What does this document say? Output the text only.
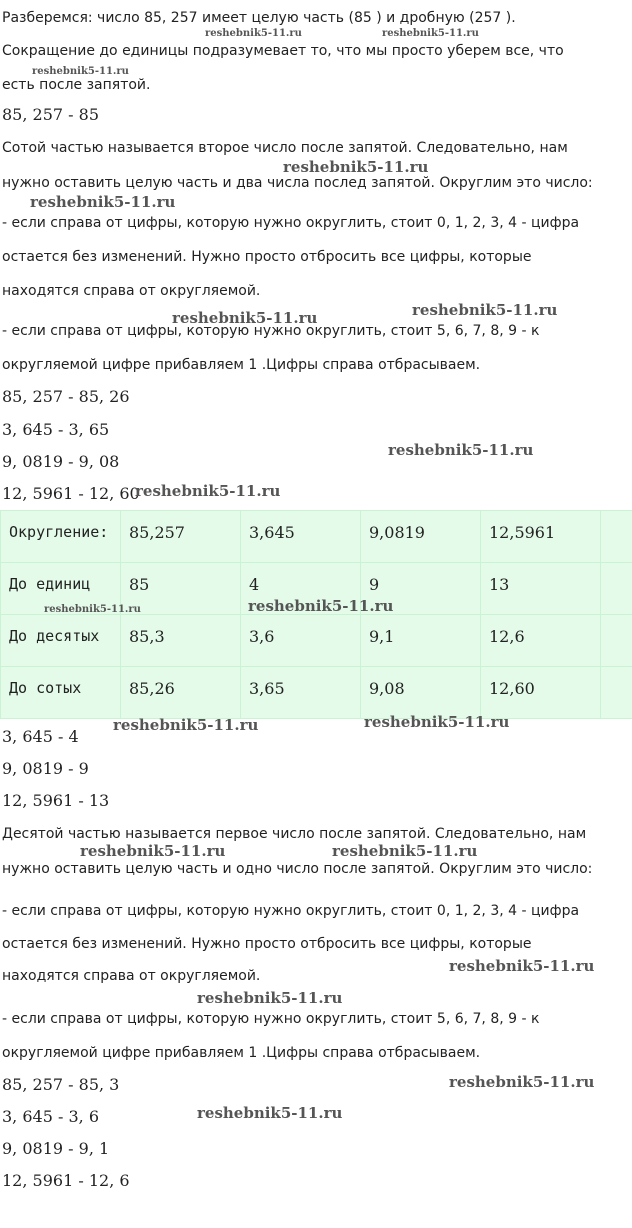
Разберемся: число 85, 257 имеет целую часть (85 ) и дробную (257 ).
Сокращение до единицы подразумевает то, что мы просто уберем все, что
есть после запятой.
85, 257 - 85
Сотой частью называется второе число после запятой. Следовательно, нам
нужно оставить целую часть и два числа послед запятой. Округлим это число:
- если справа от цифры, которую нужно округлить, стоит 0, 1, 2, 3, 4 - цифра
остается без изменений. Нужно просто отбросить все цифры, которые
находятся справа от округляемой.
- если справа от цифры, которую нужно округлить, стоит 5, 6, 7, 8, 9 - к
округляемой цифре прибавляем 1 .Цифры справа отбрасываем.
85, 257 - 85, 26
3, 645 - 3, 65
9, 0819 - 9, 08
12, 5961 - 12, 60
Округление:	85,257	3,645	9,0819	12,5961	
До единиц	85	4	9	13	
До десятых	85,3	3,6	9,1	12,6	
До сотых	85,26	3,65	9,08	12,60	
3, 645 - 4
9, 0819 - 9
12, 5961 - 13
Десятой частью называется первое число после запятой. Следовательно, нам
нужно оставить целую часть и одно число после запятой. Округлим это число:
- если справа от цифры, которую нужно округлить, стоит 0, 1, 2, 3, 4 - цифра
остается без изменений. Нужно просто отбросить все цифры, которые
находятся справа от округляемой.
- если справа от цифры, которую нужно округлить, стоит 5, 6, 7, 8, 9 - к
округляемой цифре прибавляем 1 .Цифры справа отбрасываем.
85, 257 - 85, 3
3, 645 - 3, 6
9, 0819 - 9, 1
12, 5961 - 12, 6
reshebnik5-11.ru	reshebnik5-11.ru
reshebnik5-11.ru
reshebnik5-11.ru
reshebnik5-11.ru
reshebnik5-11.ru
reshebnik5-11.ru
reshebnik5-11.ru
reshebnik5-11.ru
reshebnik5-11.ru	reshebnik5-11.ru
reshebnik5-11.ru	reshebnik5-11.ru
reshebnik5-11.ru	reshebnik5-11.ru
reshebnik5-11.ru
reshebnik5-11.ru
reshebnik5-11.ru
reshebnik5-11.ru
